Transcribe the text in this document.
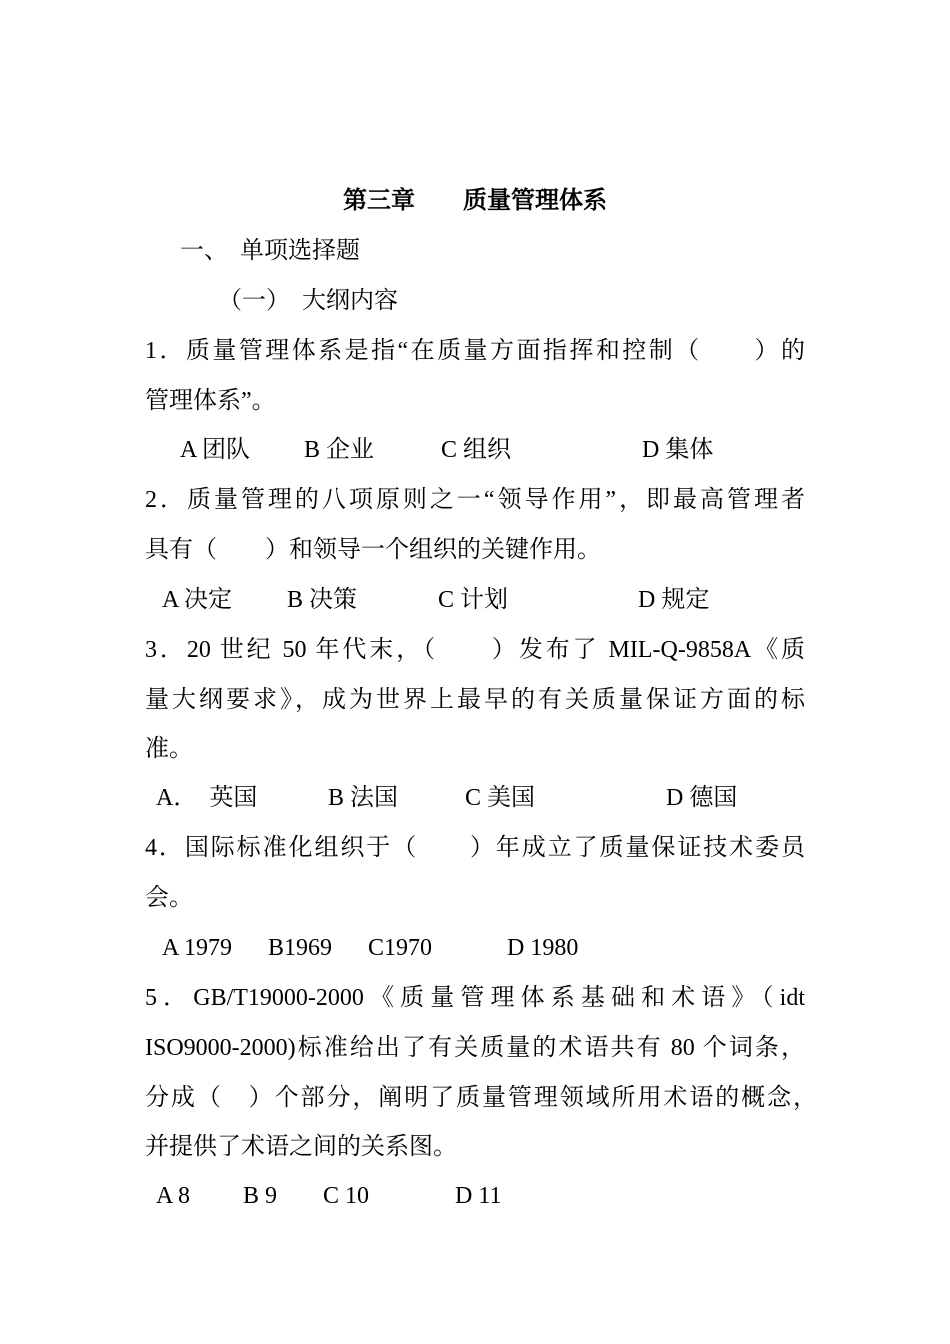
第三章　　质量管理体系
一、　单项选择题
（一）　大纲内容
1．质量管理体系是指“在质量方面指挥和控制（　　）的
管理体系”。
A 团队 B 企业	C 组织	D 集体
2．质量管理的八项原则之一“领导作用”，即最高管理者
具有（　　）和领导一个组织的关键作用。
A 决定 B 决策	C 计划	D 规定
3．20 世纪 50 年代末，（　　）发布了 MIL-Q-9858A《质
量大纲要求》，成为世界上最早的有关质量保证方面的标
准。
A．　英国	B 法国	C 美国	D 德国
4．国际标准化组织于（　　）年成立了质量保证技术委员
会。
A 1979 B1969 C1970	D 1980
5．GB/T19000-2000《质量管理体系基础和术语》（idt
ISO9000-2000)标准给出了有关质量的术语共有 80 个词条，
分成（　）个部分，阐明了质量管理领域所用术语的概念，
并提供了术语之间的关系图。
A 8 B 9 C 10	D 11
